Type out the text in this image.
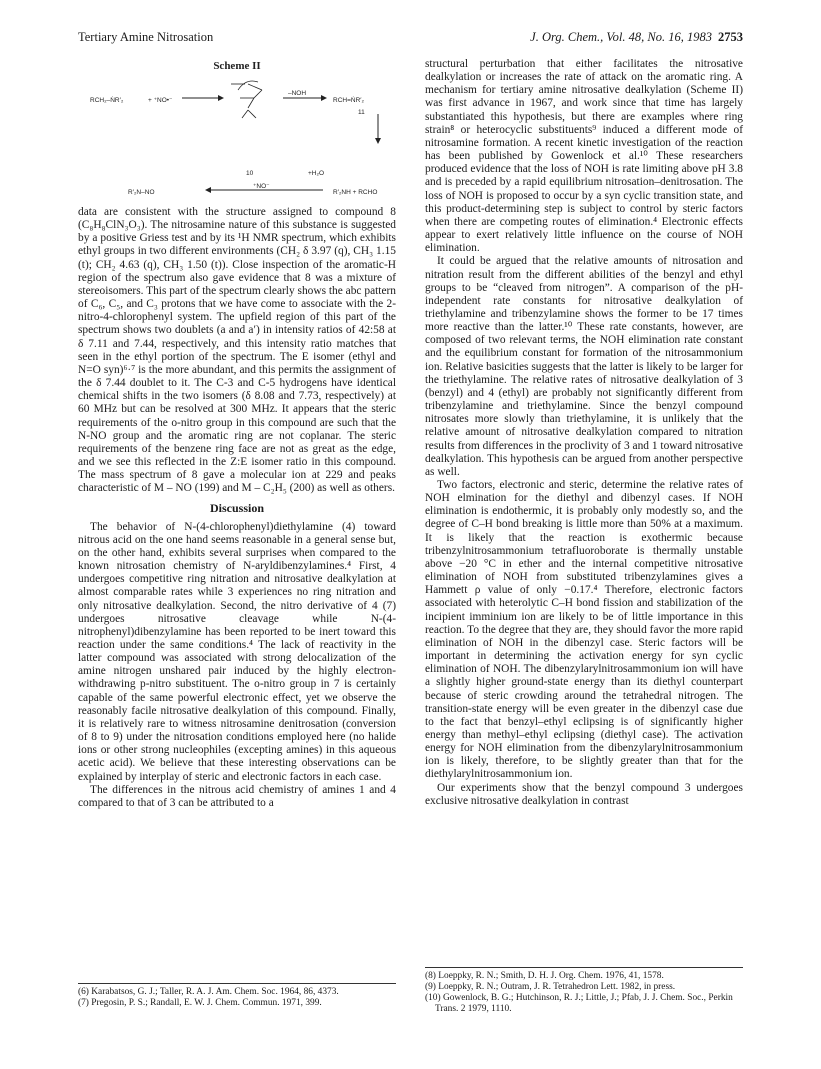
Tertiary Amine Nitrosation	J. Org. Chem., Vol. 48, No. 16, 1983 2753
Scheme II
RCH₂–ṄR′₂	+ ⁺NO•⁻
10
–NOH
RCH=ṄR′₂
11
+H₂O
R′₂N–NO
⁺NO⁻
R′₂NH + RCHO

data are consistent with the structure assigned to compound 8 (C₈H₈ClN₃O₃). The nitrosamine nature of this substance is suggested by a positive Griess test and by its ¹H NMR spectrum, which exhibits ethyl groups in two different environments (CH₂ δ 3.97 (q), CH₃ 1.15 (t); CH₂ 4.63 (q), CH₃ 1.50 (t)). Close inspection of the aromatic-H region of the spectrum also gave evidence that 8 was a mixture of stereoisomers. This part of the spectrum clearly shows the abc pattern of C₆, C₅, and C₃ protons that we have come to associate with the 2-nitro-4-chlorophenyl system. The upfield region of this part of the spectrum shows two doublets (a and a′) in intensity ratios of 42:58 at δ 7.11 and 7.44, respectively, and this intensity ratio matches that seen in the ethyl portion of the spectrum. The E isomer (ethyl and N=O syn)⁶·⁷ is the more abundant, and this permits the assignment of the δ 7.44 doublet to it. The C-3 and C-5 hydrogens have identical chemical shifts in the two isomers (δ 8.08 and 7.73, respectively) at 60 MHz but can be resolved at 300 MHz. It appears that the steric requirements of the o-nitro group in this compound are such that the N-NO group and the aromatic ring are not coplanar. The steric requirements of the benzene ring face are not as great as the edge, and we see this reflected in the Z:E isomer ratio in this compound. The mass spectrum of 8 gave a molecular ion at 229 and peaks characteristic of M – NO (199) and M – C₂H₅ (200) as well as others.

Discussion

The behavior of N-(4-chlorophenyl)diethylamine (4) toward nitrous acid on the one hand seems reasonable in a general sense but, on the other hand, exhibits several surprises when compared to the known nitrosation chemistry of N-aryldibenzylamines.⁴ First, 4 undergoes competitive ring nitration and nitrosative dealkylation at almost comparable rates while 3 experiences no ring nitration and only nitrosative dealkylation. Second, the nitro derivative of 4 (7) undergoes nitrosative cleavage while N-(4-nitrophenyl)dibenzylamine has been reported to be inert toward this reaction under the same conditions.⁴ The lack of reactivity in the latter compound was associated with strong delocalization of the amine nitrogen unshared pair induced by the highly electron-withdrawing p-nitro substituent. The o-nitro group in 7 is certainly capable of the same powerful electronic effect, yet we observe the reasonably facile nitrosative dealkylation of this compound. Finally, it is relatively rare to witness nitrosamine denitrosation (conversion of 8 to 9) under the nitrosation conditions employed here (no halide ions or other strong nucleophiles (excepting amines) in this aqueous acetic acid). We believe that these interesting observations can be explained by interplay of steric and electronic factors in each case.

The differences in the nitrous acid chemistry of amines 1 and 4 compared to that of 3 can be attributed to a

structural perturbation that either facilitates the nitrosative dealkylation or increases the rate of attack on the aromatic ring. A mechanism for tertiary amine nitrosative dealkylation (Scheme II) was first advance in 1967, and work since that time has largely substantiated this hypothesis, but there are examples where ring strain⁸ or heterocyclic substituents⁹ induced a different mode of nitrosamine formation. A recent kinetic investigation of the reaction has been published by Gowenlock et al.¹⁰ These researchers produced evidence that the loss of NOH is rate limiting above pH 3.8 and is preceded by a rapid equilibrium nitrosation–denitrosation. The loss of NOH is proposed to occur by a syn cyclic transition state, and this product-determining step is subject to control by steric factors when there are competing routes of elimination.⁴ Electronic effects appear to exert relatively little influence on the course of NOH elimination.

It could be argued that the relative amounts of nitrosation and nitration result from the different abilities of the benzyl and ethyl groups to be “cleaved from nitrogen”. A comparison of the pH-independent rate constants for nitrosative dealkylation of triethylamine and tribenzylamine shows the former to be 17 times more reactive than the latter.¹⁰ These rate constants, however, are composed of two relevant terms, the NOH elimination rate constant and the equilibrium constant for formation of the nitrosammonium ion. Relative basicities suggests that the latter is likely to be larger for the triethylamine. The relative rates of nitrosative dealkylation of 3 (benzyl) and 4 (ethyl) are probably not significantly different from tribenzylamine and triethylamine. Since the benzyl compound nitrosates more slowly than triethylamine, it is unlikely that the relative amount of nitrosative dealkylation compared to nitration results from differences in the proclivity of 3 and 1 toward nitrosative dealkylation. This hypothesis can be argued from another perspective as well.

Two factors, electronic and steric, determine the relative rates of NOH elmination for the diethyl and dibenzyl cases. If NOH elimination is endothermic, it is probably only modestly so, and the degree of C–H bond breaking is little more than 50% at a maximum. It is likely that the reaction is exothermic because tribenzylnitrosammonium tetrafluoroborate is thermally unstable above −20 °C in ether and the internal competitive nitrosative elimination of NOH from substituted tribenzylamines gives a Hammett ρ value of only −0.17.⁴ Therefore, electronic factors associated with heterolytic C–H bond fission and stabilization of the incipient imminium ion are likely to be of little importance in this reaction. To the degree that they are, they should favor the more rapid elimination of NOH in the dibenzyl case. Steric factors will be important in determining the activation energy for syn cyclic elimination of NOH. The dibenzylarylnitrosammonium ion will have a slightly higher ground-state energy than its diethyl counterpart because of steric crowding around the tetrahedral nitrogen. The transition-state energy will be even greater in the dibenzyl case due to the fact that benzyl–ethyl eclipsing is of significantly higher energy than methyl–ethyl eclipsing (diethyl case). The activation energy for NOH elimination from the dibenzylarylnitrosammonium ion is likely, therefore, to be slightly greater than that for the diethylarylnitrosammonium ion.

Our experiments show that the benzyl compound 3 undergoes exclusive nitrosative dealkylation in contrast

(6) Karabatsos, G. J.; Taller, R. A. J. Am. Chem. Soc. 1964, 86, 4373.
(7) Pregosin, P. S.; Randall, E. W. J. Chem. Commun. 1971, 399.
(8) Loeppky, R. N.; Smith, D. H. J. Org. Chem. 1976, 41, 1578.
(9) Loeppky, R. N.; Outram, J. R. Tetrahedron Lett. 1982, in press.
(10) Gowenlock, B. G.; Hutchinson, R. J.; Little, J.; Pfab, J. J. Chem. Soc., Perkin Trans. 2 1979, 1110.
